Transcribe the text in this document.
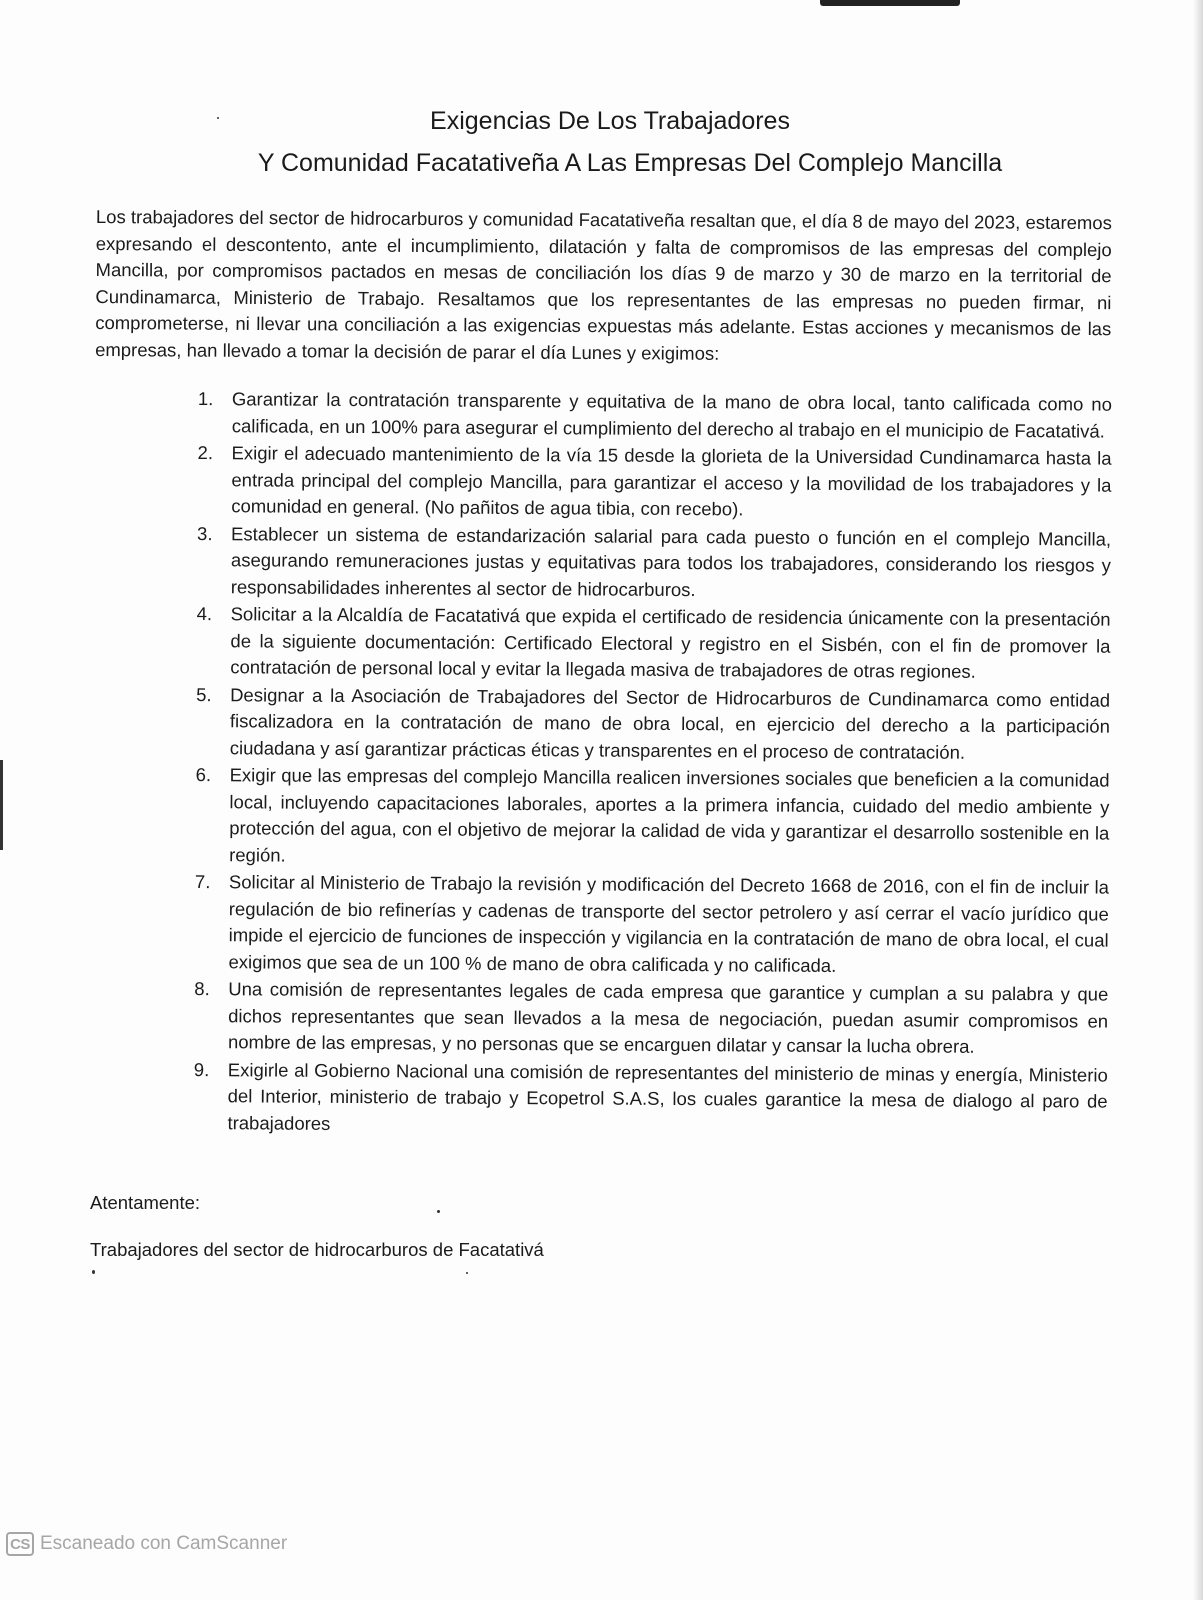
Exigencias De Los Trabajadores
Y Comunidad Facatativeña A Las Empresas Del Complejo Mancilla
Los trabajadores del sector de hidrocarburos y comunidad Facatativeña resaltan que, el día 8 de mayo del 2023, estaremos expresando el descontento, ante el incumplimiento, dilatación y falta de compromisos de las empresas del complejo Mancilla, por compromisos pactados en mesas de conciliación los días 9 de marzo y 30 de marzo en la territorial de Cundinamarca, Ministerio de Trabajo. Resaltamos que los representantes de las empresas no pueden firmar, ni comprometerse, ni llevar una conciliación a las exigencias expuestas más adelante. Estas acciones y mecanismos de las empresas, han llevado a tomar la decisión de parar el día Lunes y exigimos:
1. Garantizar la contratación transparente y equitativa de la mano de obra local, tanto calificada como no calificada, en un 100% para asegurar el cumplimiento del derecho al trabajo en el municipio de Facatativá.
2. Exigir el adecuado mantenimiento de la vía 15 desde la glorieta de la Universidad Cundinamarca hasta la entrada principal del complejo Mancilla, para garantizar el acceso y la movilidad de los trabajadores y la comunidad en general. (No pañitos de agua tibia, con recebo).
3. Establecer un sistema de estandarización salarial para cada puesto o función en el complejo Mancilla, asegurando remuneraciones justas y equitativas para todos los trabajadores, considerando los riesgos y responsabilidades inherentes al sector de hidrocarburos.
4. Solicitar a la Alcaldía de Facatativá que expida el certificado de residencia únicamente con la presentación de la siguiente documentación: Certificado Electoral y registro en el Sisbén, con el fin de promover la contratación de personal local y evitar la llegada masiva de trabajadores de otras regiones.
5. Designar a la Asociación de Trabajadores del Sector de Hidrocarburos de Cundinamarca como entidad fiscalizadora en la contratación de mano de obra local, en ejercicio del derecho a la participación ciudadana y así garantizar prácticas éticas y transparentes en el proceso de contratación.
6. Exigir que las empresas del complejo Mancilla realicen inversiones sociales que beneficien a la comunidad local, incluyendo capacitaciones laborales, aportes a la primera infancia, cuidado del medio ambiente y protección del agua, con el objetivo de mejorar la calidad de vida y garantizar el desarrollo sostenible en la región.
7. Solicitar al Ministerio de Trabajo la revisión y modificación del Decreto 1668 de 2016, con el fin de incluir la regulación de bio refinerías y cadenas de transporte del sector petrolero y así cerrar el vacío jurídico que impide el ejercicio de funciones de inspección y vigilancia en la contratación de mano de obra local, el cual exigimos que sea de un 100 % de mano de obra calificada y no calificada.
8. Una comisión de representantes legales de cada empresa que garantice y cumplan a su palabra y que dichos representantes que sean llevados a la mesa de negociación, puedan asumir compromisos en nombre de las empresas, y no personas que se encarguen dilatar y cansar la lucha obrera.
9. Exigirle al Gobierno Nacional una comisión de representantes del ministerio de minas y energía, Ministerio del Interior, ministerio de trabajo y Ecopetrol S.A.S, los cuales garantice la mesa de dialogo al paro de trabajadores
Atentamente:
Trabajadores del sector de hidrocarburos de Facatativá
CS Escaneado con CamScanner
